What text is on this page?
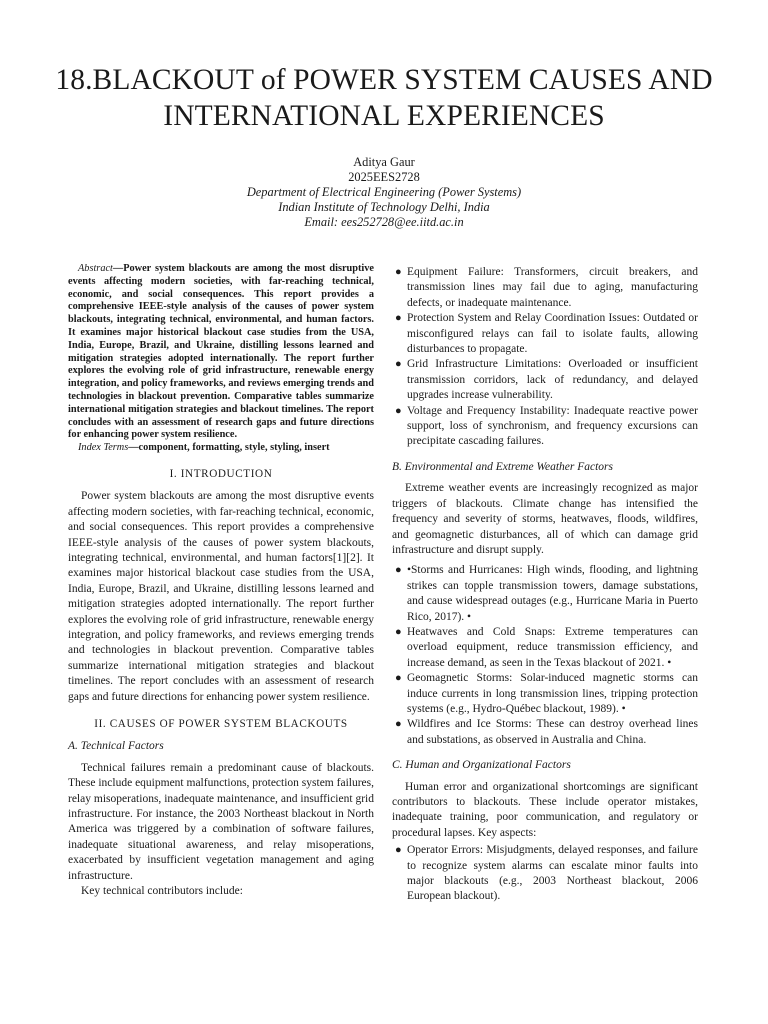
18.BLACKOUT of POWER SYSTEM CAUSES AND INTERNATIONAL EXPERIENCES
Aditya Gaur
2025EES2728
Department of Electrical Engineering (Power Systems)
Indian Institute of Technology Delhi, India
Email: ees252728@ee.iitd.ac.in

Abstract—Power system blackouts are among the most disruptive events affecting modern societies, with far-reaching technical, economic, and social consequences. This report provides a comprehensive IEEE-style analysis of the causes of power system blackouts, integrating technical, environmental, and human factors. It examines major historical blackout case studies from the USA, India, Europe, Brazil, and Ukraine, distilling lessons learned and mitigation strategies adopted internationally. The report further explores the evolving role of grid infrastructure, renewable energy integration, and policy frameworks, and reviews emerging trends and technologies in blackout prevention. Comparative tables summarize international mitigation strategies and blackout timelines. The report concludes with an assessment of research gaps and future directions for enhancing power system resilience.

Index Terms—component, formatting, style, styling, insert

I. INTRODUCTION

Power system blackouts are among the most disruptive events affecting modern societies, with far-reaching technical, economic, and social consequences. This report provides a comprehensive IEEE-style analysis of the causes of power system blackouts, integrating technical, environmental, and human factors[1][2]. It examines major historical blackout case studies from the USA, India, Europe, Brazil, and Ukraine, distilling lessons learned and mitigation strategies adopted internationally. The report further explores the evolving role of grid infrastructure, renewable energy integration, and policy frameworks, and reviews emerging trends and technologies in blackout prevention. Comparative tables summarize international mitigation strategies and blackout timelines. The report concludes with an assessment of research gaps and future directions for enhancing power system resilience.

II. CAUSES OF POWER SYSTEM BLACKOUTS
A. Technical Factors

Technical failures remain a predominant cause of blackouts. These include equipment malfunctions, protection system failures, relay misoperations, inadequate maintenance, and insufficient grid infrastructure. For instance, the 2003 Northeast blackout in North America was triggered by a combination of software failures, inadequate situational awareness, and relay misoperations, exacerbated by insufficient vegetation management and aging infrastructure.

Key technical contributors include:

● Equipment Failure: Transformers, circuit breakers, and transmission lines may fail due to aging, manufacturing defects, or inadequate maintenance.
● Protection System and Relay Coordination Issues: Outdated or misconfigured relays can fail to isolate faults, allowing disturbances to propagate.
● Grid Infrastructure Limitations: Overloaded or insufficient transmission corridors, lack of redundancy, and delayed upgrades increase vulnerability.
● Voltage and Frequency Instability: Inadequate reactive power support, loss of synchronism, and frequency excursions can precipitate cascading failures.
B. Environmental and Extreme Weather Factors

Extreme weather events are increasingly recognized as major triggers of blackouts. Climate change has intensified the frequency and severity of storms, heatwaves, floods, wildfires, and geomagnetic disturbances, all of which can damage grid infrastructure and disrupt supply.

● •Storms and Hurricanes: High winds, flooding, and lightning strikes can topple transmission towers, damage substations, and cause widespread outages (e.g., Hurricane Maria in Puerto Rico, 2017). •
● Heatwaves and Cold Snaps: Extreme temperatures can overload equipment, reduce transmission efficiency, and increase demand, as seen in the Texas blackout of 2021. •
● Geomagnetic Storms: Solar-induced magnetic storms can induce currents in long transmission lines, tripping protection systems (e.g., Hydro-Québec blackout, 1989). •
● Wildfires and Ice Storms: These can destroy overhead lines and substations, as observed in Australia and China.
C. Human and Organizational Factors

Human error and organizational shortcomings are significant contributors to blackouts. These include operator mistakes, inadequate training, poor communication, and regulatory or procedural lapses. Key aspects:

● Operator Errors: Misjudgments, delayed responses, and failure to recognize system alarms can escalate minor faults into major blackouts (e.g., 2003 Northeast blackout, 2006 European blackout).
